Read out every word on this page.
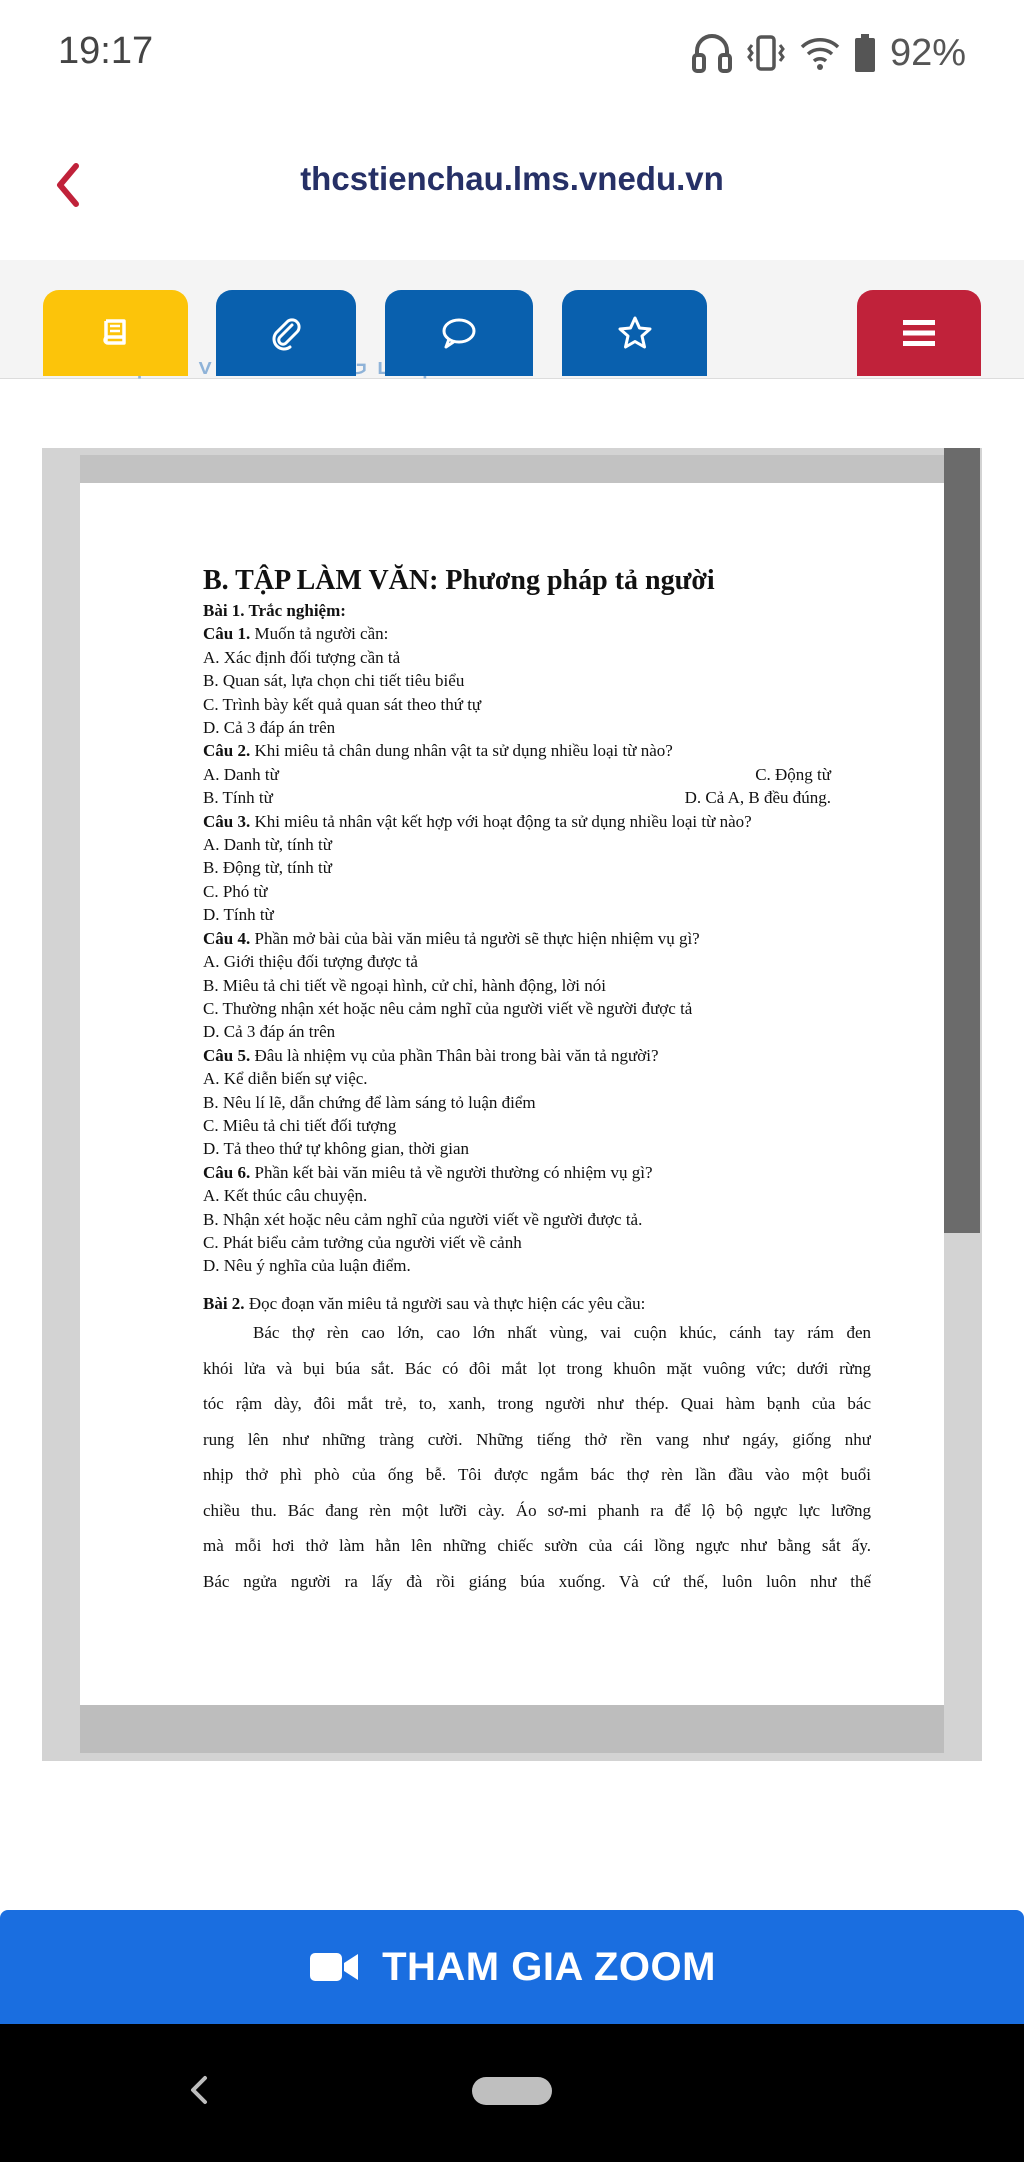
19:17	92%
thcstienchau.lms.vnedu.vn
TV
B. TẬP LÀM VĂN: Phương pháp tả người
Bài 1. Trắc nghiệm:
Câu 1. Muốn tả người cần:
A. Xác định đối tượng cần tả
B. Quan sát, lựa chọn chi tiết tiêu biểu
C. Trình bày kết quả quan sát theo thứ tự
D. Cả 3 đáp án trên
Câu 2. Khi miêu tả chân dung nhân vật ta sử dụng nhiều loại từ nào?
A. Danh từ	C. Động từ
B. Tính từ	D. Cả A, B đều đúng.
Câu 3. Khi miêu tả nhân vật kết hợp với hoạt động ta sử dụng nhiều loại từ nào?
A. Danh từ, tính từ
B. Động từ, tính từ
C. Phó từ
D. Tính từ
Câu 4. Phần mở bài của bài văn miêu tả người sẽ thực hiện nhiệm vụ gì?
A. Giới thiệu đối tượng được tả
B. Miêu tả chi tiết về ngoại hình, cử chỉ, hành động, lời nói
C. Thường nhận xét hoặc nêu cảm nghĩ của người viết về người được tả
D. Cả 3 đáp án trên
Câu 5. Đâu là nhiệm vụ của phần Thân bài trong bài văn tả người?
A. Kể diễn biến sự việc.
B. Nêu lí lẽ, dẫn chứng để làm sáng tỏ luận điểm
C. Miêu tả chi tiết đối tượng
D. Tả theo thứ tự không gian, thời gian
Câu 6. Phần kết bài văn miêu tả về người thường có nhiệm vụ gì?
A. Kết thúc câu chuyện.
B. Nhận xét hoặc nêu cảm nghĩ của người viết về người được tả.
C. Phát biểu cảm tưởng của người viết về cảnh
D. Nêu ý nghĩa của luận điểm.
Bài 2. Đọc đoạn văn miêu tả người sau và thực hiện các yêu cầu:
Bác thợ rèn cao lớn, cao lớn nhất vùng, vai cuộn khúc, cánh tay rám đen
khói lửa và bụi búa sắt. Bác có đôi mắt lọt trong khuôn mặt vuông vức; dưới rừng
tóc rậm dày, đôi mắt trẻ, to, xanh, trong người như thép. Quai hàm bạnh của bác
rung lên như những tràng cười. Những tiếng thở rền vang như ngáy, giống như
nhịp thở phì phò của ống bễ. Tôi được ngắm bác thợ rèn lần đầu vào một buổi
chiều thu. Bác đang rèn một lưỡi cày. Áo sơ-mi phanh ra để lộ bộ ngực lực lưỡng
mà mỗi hơi thở làm hằn lên những chiếc sườn của cái lồng ngực như bằng sắt ấy.
Bác ngửa người ra lấy đà rồi giáng búa xuống. Và cứ thế, luôn luôn như thế
THAM GIA ZOOM
